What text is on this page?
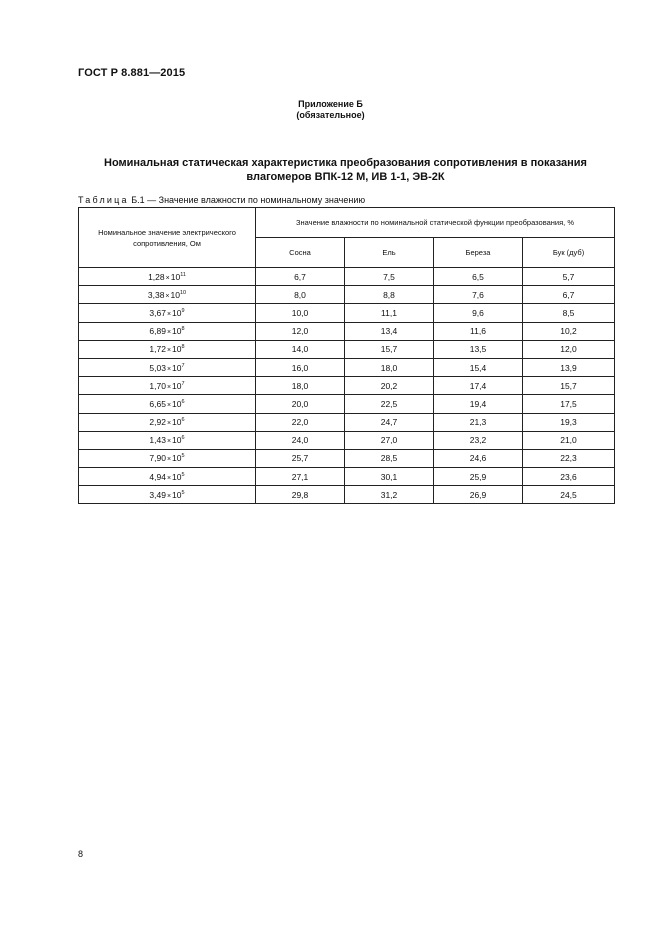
ГОСТ Р 8.881—2015
Приложение Б
(обязательное)
Номинальная статическая характеристика преобразования сопротивления в показания влагомеров ВПК-12 М, ИВ 1-1, ЭВ-2К
Таблица Б.1 — Значение влажности по номинальному значению
Номинальное значение электрического сопротивления, Ом	Значение влажности по номинальной статической функции преобразования, %			
	Сосна	Ель	Береза	Бук (дуб)
$1,28\times 10^{11}$	6,7	7,5	6,5	5,7
$3,38\times 10^{10}$	8,0	8,8	7,6	6,7
$3,67\times 10^9$	10,0	11,1	9,6	8,5
$6,89\times 10^8$	12,0	13,4	11,6	10,2
$1,72\times 10^8$	14,0	15,7	13,5	12,0
$5,03\times 10^7$	16,0	18,0	15,4	13,9
$1,70\times 10^7$	18,0	20,2	17,4	15,7
$6,65\times 10^6$	20,0	22,5	19,4	17,5
$2,92\times 10^6$	22,0	24,7	21,3	19,3
$1,43\times 10^6$	24,0	27,0	23,2	21,0
$7,90\times 10^5$	25,7	28,5	24,6	22,3
$4,94\times 10^5$	27,1	30,1	25,9	23,6
$3,49\times 10^5$	29,8	31,2	26,9	24,5
8
